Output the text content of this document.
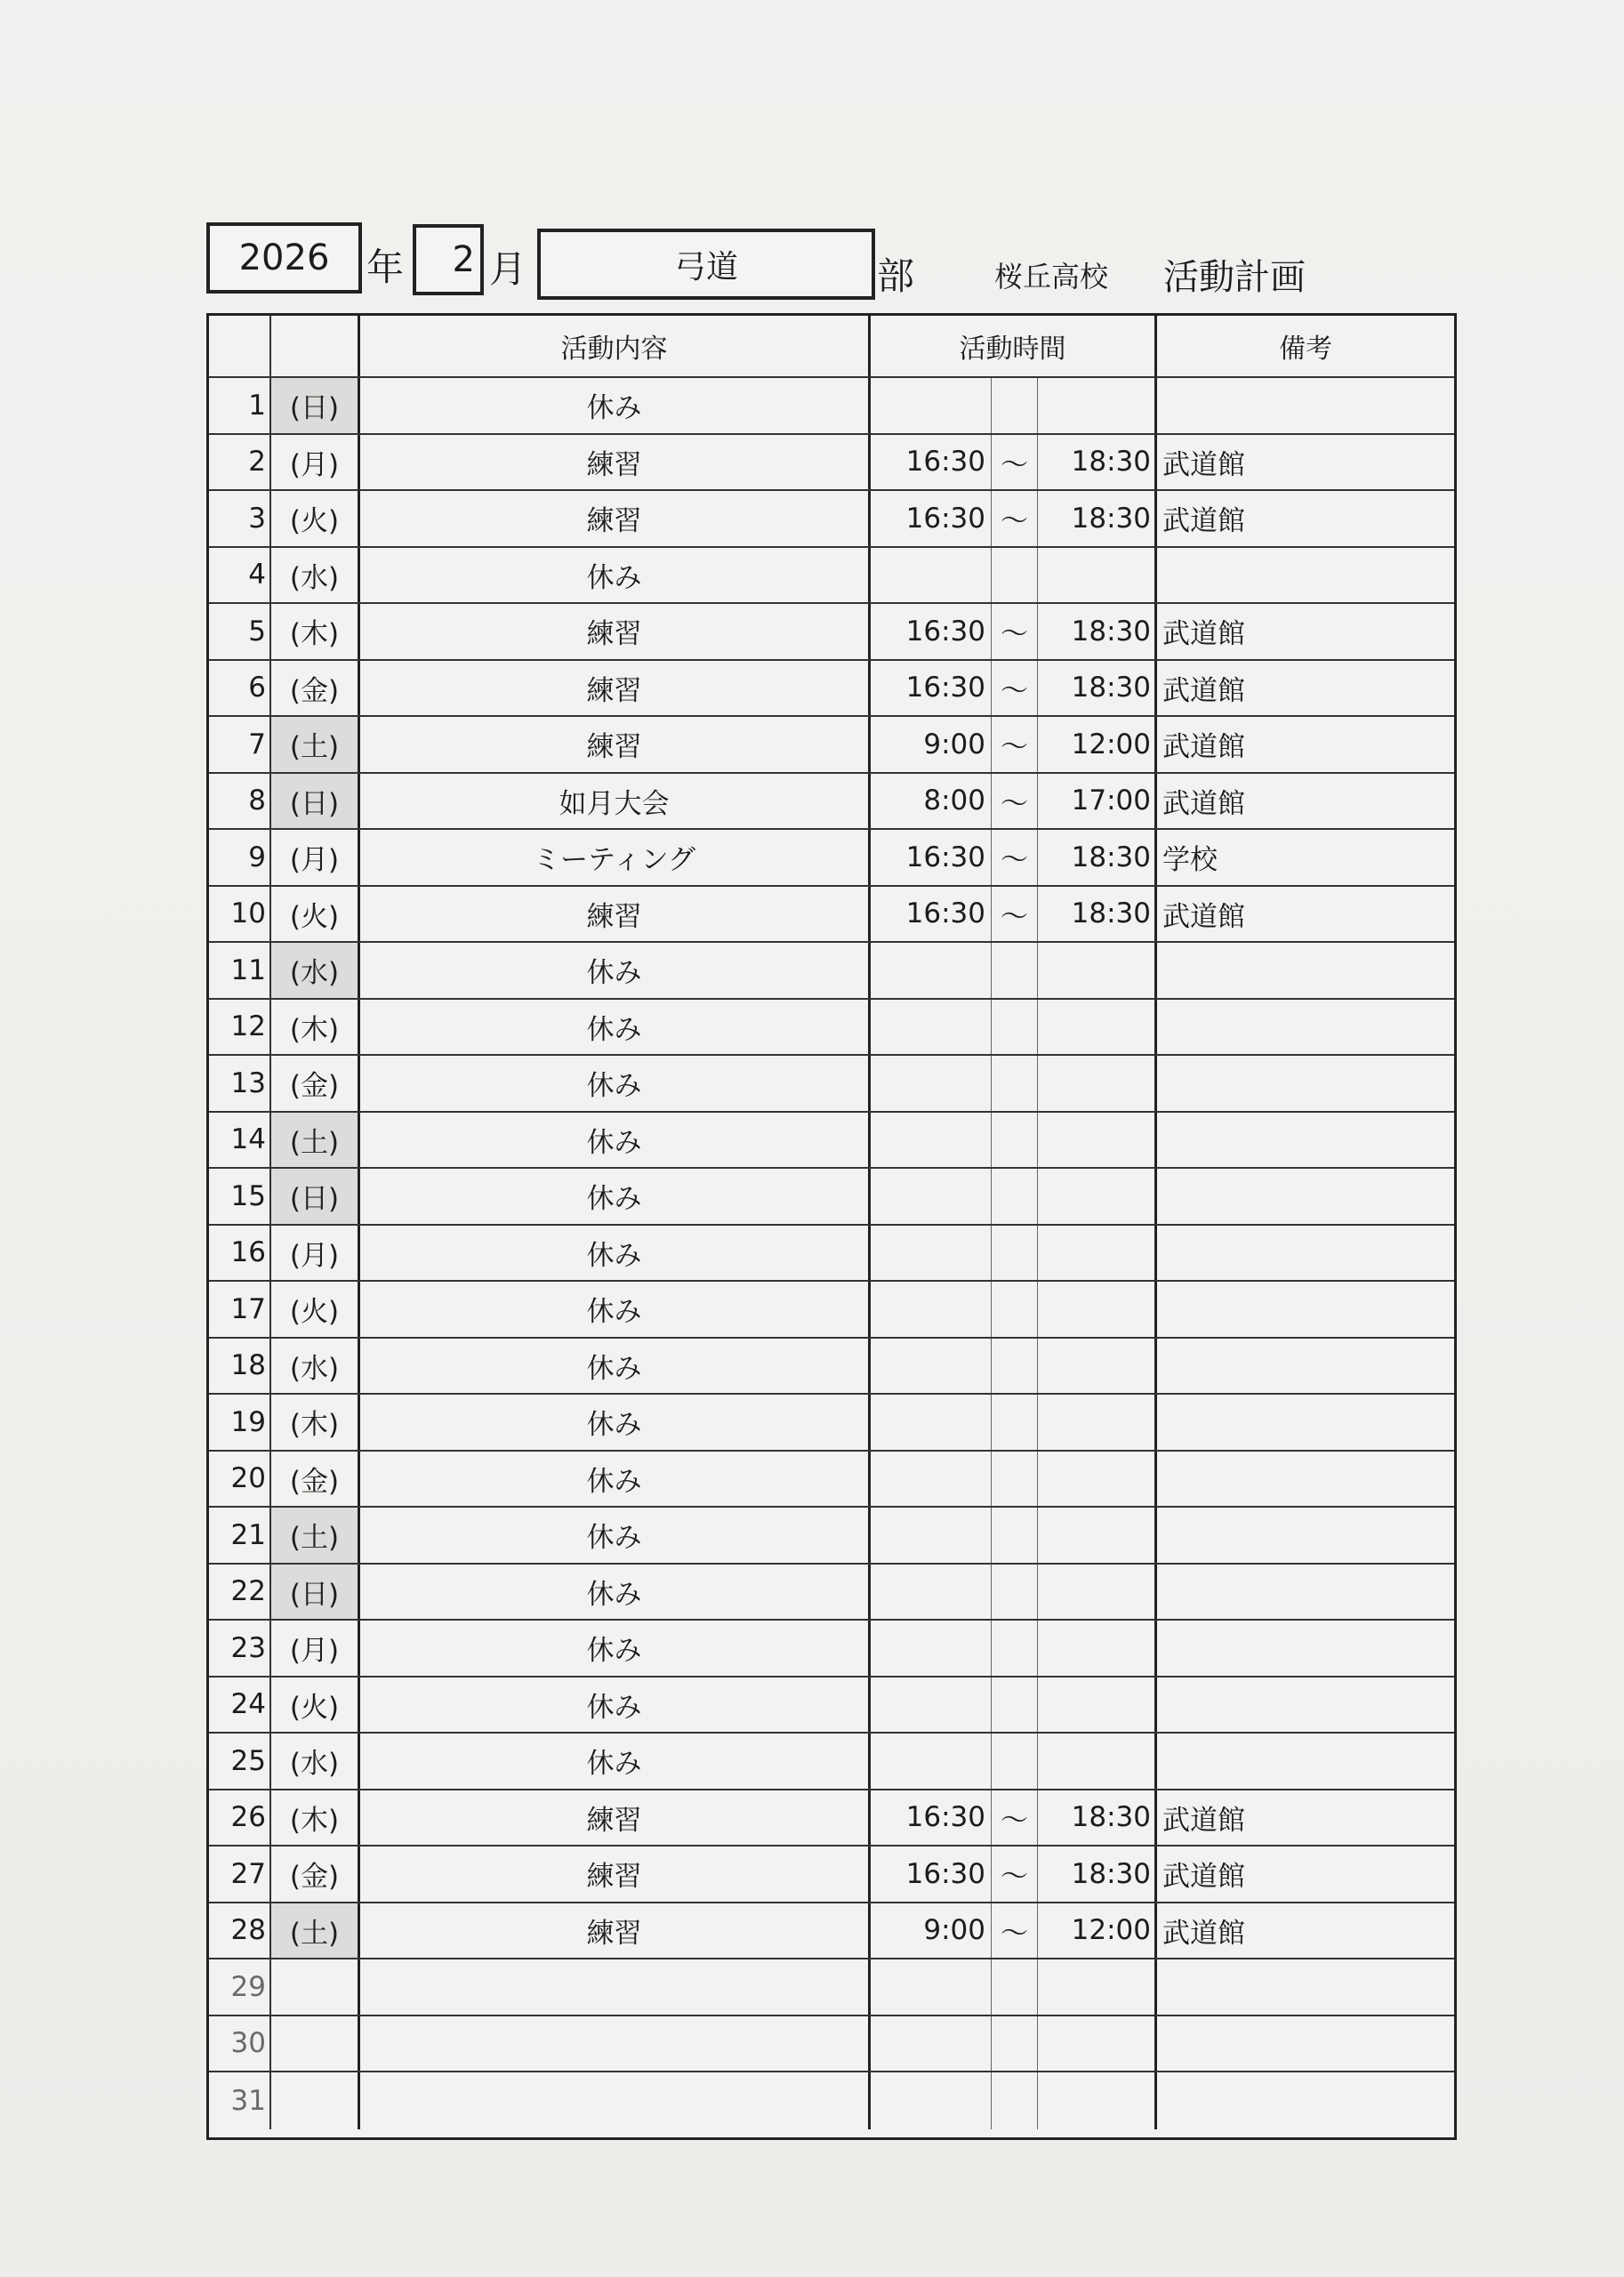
2026 年 2 月	弓道	部	桜丘高校 活動計画
活動内容	活動時間	備考
1 (日)	休み
2 (月)	練習	16:30 ～	18:30 武道館
3 (火)	練習	16:30 ～	18:30 武道館
4 (水)	休み
5 (木)	練習	16:30 ～	18:30 武道館
6 (金)	練習	16:30 ～	18:30 武道館
7 (土)	練習	9:00 ～	12:00 武道館
8 (日)	如月大会	8:00 ～	17:00 武道館
9 (月)	ミーティング	16:30 ～	18:30 学校
10 (火)	練習	16:30 ～	18:30 武道館
11 (水)	休み
12 (木)	休み
13 (金)	休み
14 (土)	休み
15 (日)	休み
16 (月)	休み
17 (火)	休み
18 (水)	休み
19 (木)	休み
20 (金)	休み
21 (土)	休み
22 (日)	休み
23 (月)	休み
24 (火)	休み
25 (水)	休み
26 (木)	練習	16:30 ～	18:30 武道館
27 (金)	練習	16:30 ～	18:30 武道館
28 (土)	練習	9:00 ～	12:00 武道館
29
30
31
